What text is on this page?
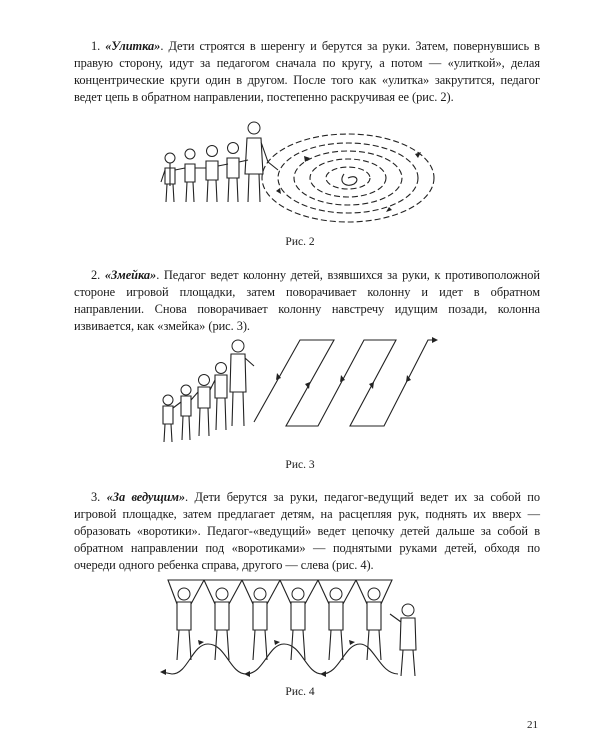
1. «Улитка». Дети строятся в шеренгу и берутся за руки. Затем, повернувшись в правую сторону, идут за педагогом сначала по кругу, а потом — «улиткой», делая концентрические круги один в другом. После того как «улитка» закрутится, педагог ведет цепь в обратном направлении, постепенно раскручивая ее (рис. 2).

Рис. 2

2. «Змейка». Педагог ведет колонну детей, взявшихся за руки, к противоположной стороне игровой площадки, затем поворачивает колонну и идет в обратном направлении. Снова поворачивает колонну навстречу идущим позади, колонна извивается, как «змейка» (рис. 3).

Рис. 3

3. «За ведущим». Дети берутся за руки, педагог-ведущий ведет их за собой по игровой площадке, затем предлагает детям, на расцепляя рук, поднять их вверх — образовать «воротики». Педагог-«ведущий» ведет цепочку детей дальше за собой в обратном направлении под «воротиками» — поднятыми руками детей, обходя по очереди одного ребенка справа, другого — слева (рис. 4).

Рис. 4
21
